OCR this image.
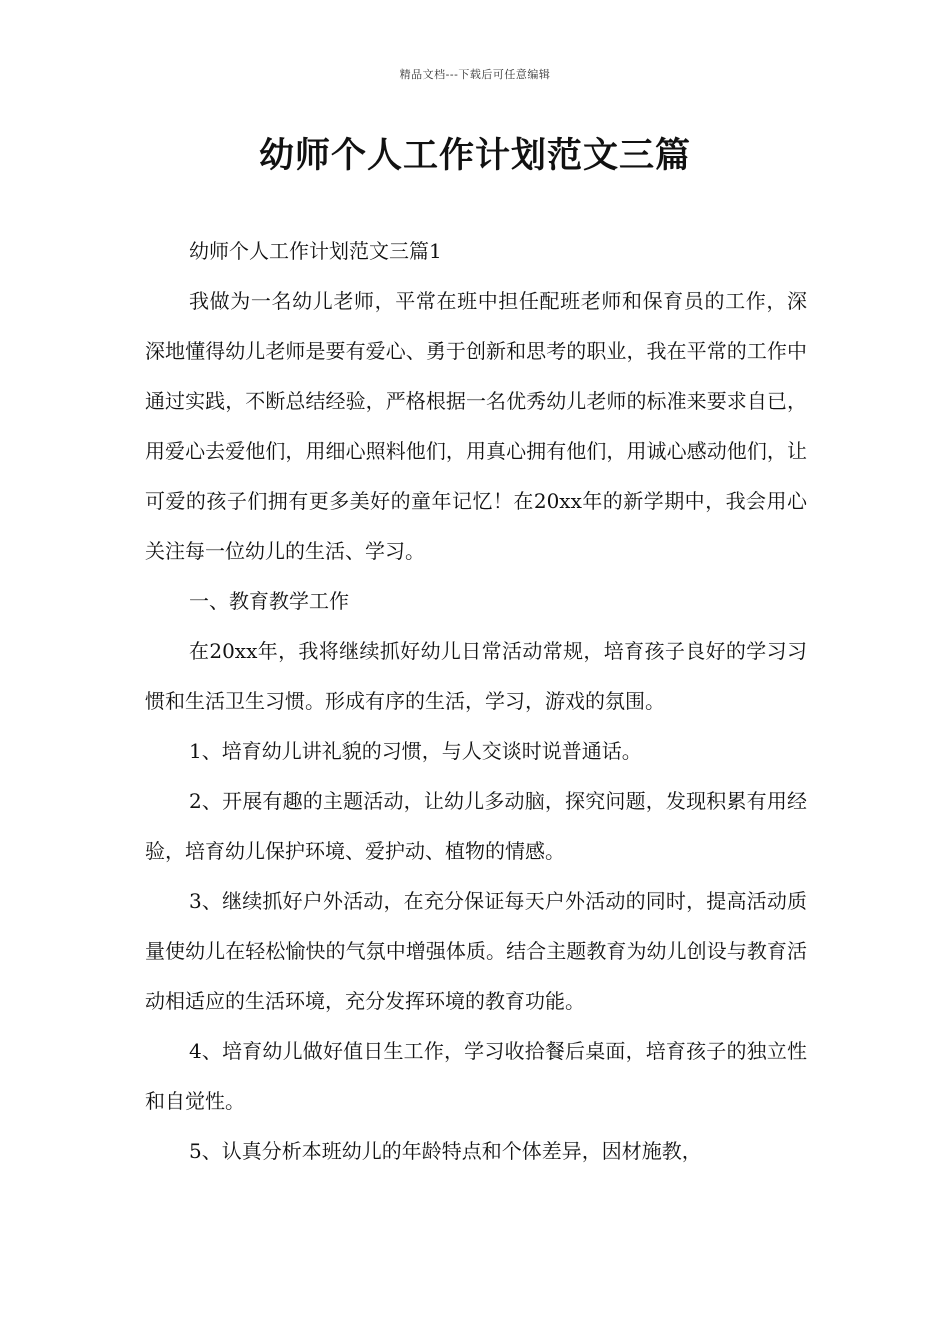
精品文档---下载后可任意编辑
幼师个人工作计划范文三篇

幼师个人工作计划范文三篇1

我做为一名幼儿老师，平常在班中担任配班老师和保育员的工作，深深地懂得幼儿老师是要有爱心、勇于创新和思考的职业，我在平常的工作中通过实践，不断总结经验，严格根据一名优秀幼儿老师的标准来要求自已，用爱心去爱他们，用细心照料他们，用真心拥有他们，用诚心感动他们，让可爱的孩子们拥有更多美好的童年记忆！在20xx年的新学期中，我会用心关注每一位幼儿的生活、学习。

一、教育教学工作

在20xx年，我将继续抓好幼儿日常活动常规，培育孩子良好的学习习惯和生活卫生习惯。形成有序的生活，学习，游戏的氛围。

1、培育幼儿讲礼貌的习惯，与人交谈时说普通话。

2、开展有趣的主题活动，让幼儿多动脑，探究问题，发现积累有用经验，培育幼儿保护环境、爱护动、植物的情感。

3、继续抓好户外活动，在充分保证每天户外活动的同时，提高活动质量使幼儿在轻松愉快的气氛中增强体质。结合主题教育为幼儿创设与教育活动相适应的生活环境，充分发挥环境的教育功能。

4、培育幼儿做好值日生工作，学习收拾餐后桌面，培育孩子的独立性和自觉性。

5、认真分析本班幼儿的年龄特点和个体差异，因材施教，
